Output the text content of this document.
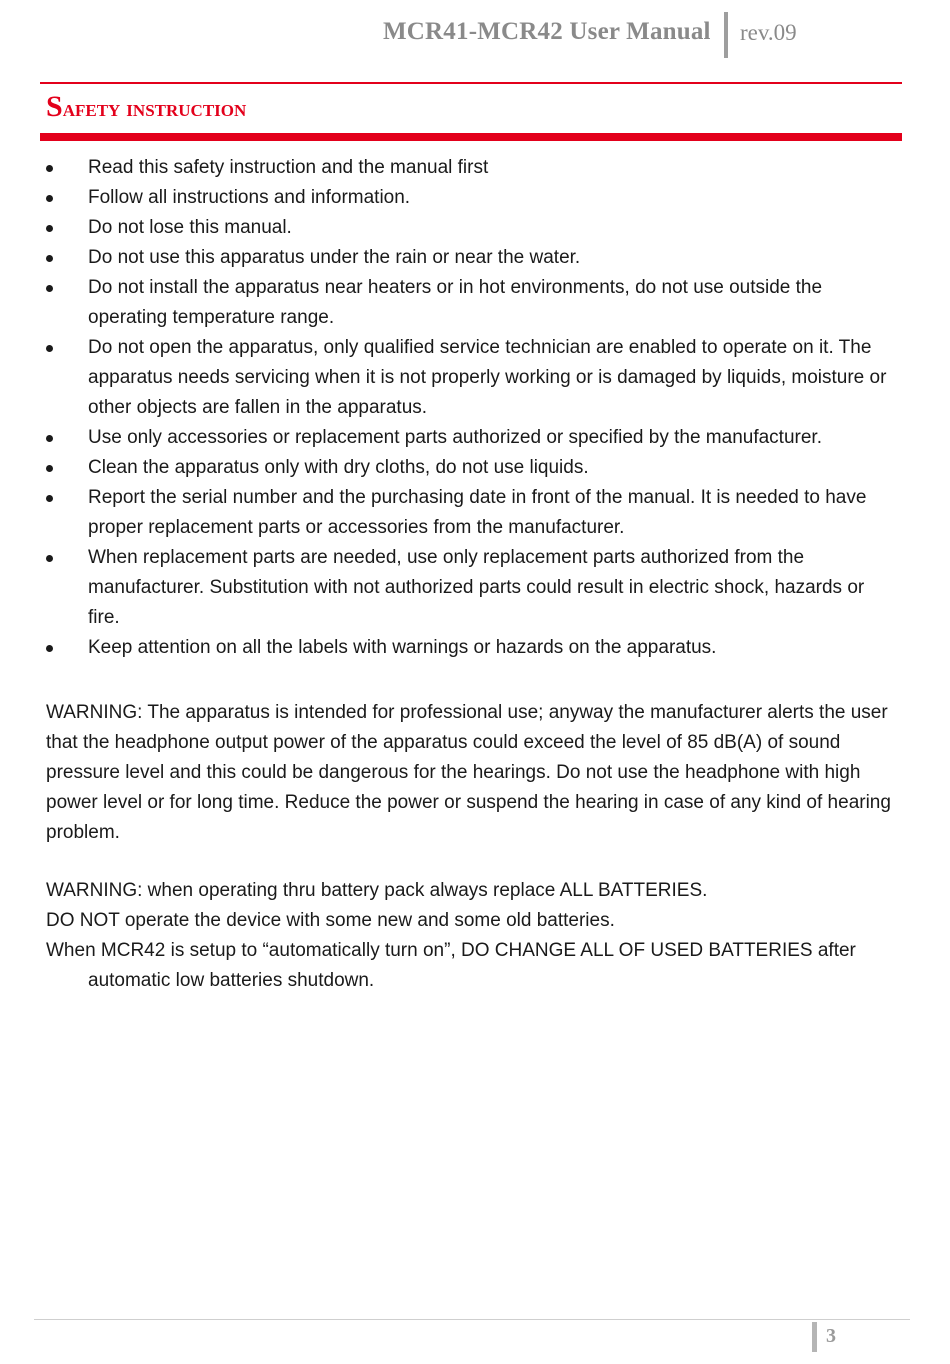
MCR41-MCR42 User Manual rev.09
Safety instruction
Read this safety instruction and the manual first
Follow all instructions and information.
Do not lose this manual.
Do not use this apparatus under the rain or near the water.
Do not install the apparatus near heaters or in hot environments, do not use outside the operating temperature range.
Do not open the apparatus, only qualified service technician are enabled to operate on it. The apparatus needs servicing when it is not properly working or is damaged by liquids, moisture or other objects are fallen in the apparatus.
Use only accessories or replacement parts authorized or specified by the manufacturer.
Clean the apparatus only with dry cloths, do not use liquids.
Report the serial number and the purchasing date in front of the manual. It is needed to have proper replacement parts or accessories from the manufacturer.
When replacement parts are needed, use only replacement parts authorized from the manufacturer. Substitution with not authorized parts could result in electric shock, hazards or fire.
Keep attention on all the labels with warnings or hazards on the apparatus.
WARNING: The apparatus is intended for professional use; anyway the manufacturer alerts the user that the headphone output power of the apparatus could exceed the level of 85 dB(A) of sound pressure level and this could be dangerous for the hearings. Do not use the headphone with high power level or for long time. Reduce the power or suspend the hearing in case of any kind of hearing problem.

WARNING: when operating thru battery pack always replace ALL BATTERIES.

DO NOT operate the device with some new and some old batteries.

When MCR42 is setup to “automatically turn on”, DO CHANGE ALL OF USED BATTERIES after automatic low batteries shutdown.

3
